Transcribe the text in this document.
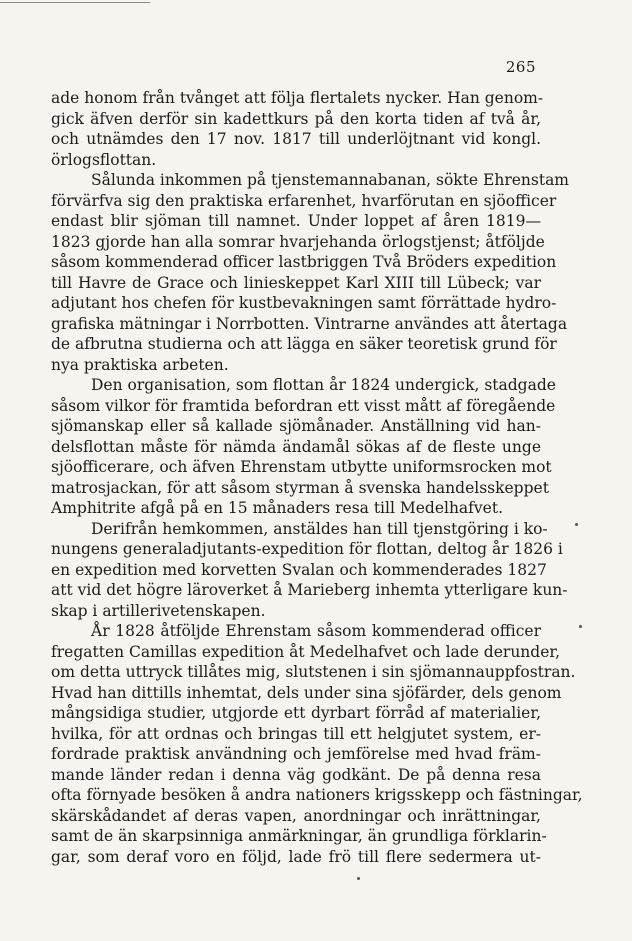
265
ade honom från tvånget att följa flertalets nycker. Han genom-
gick äfven derför sin kadettkurs på den korta tiden af två år,
och utnämdes den 17 nov. 1817 till underlöjtnant vid kongl.
örlogsflottan.
Sålunda inkommen på tjenstemannabanan, sökte Ehrenstam
förvärfva sig den praktiska erfarenhet, hvarförutan en sjöofficer
endast blir sjöman till namnet. Under loppet af åren 1819—
1823 gjorde han alla somrar hvarjehanda örlogstjenst; åtföljde
såsom kommenderad officer lastbriggen Två Bröders expedition
till Havre de Grace och linieskeppet Karl XIII till Lübeck; var
adjutant hos chefen för kustbevakningen samt förrättade hydro-
grafiska mätningar i Norrbotten. Vintrarne användes att återtaga
de afbrutna studierna och att lägga en säker teoretisk grund för
nya praktiska arbeten.
Den organisation, som flottan år 1824 undergick, stadgade
såsom vilkor för framtida befordran ett visst mått af föregående
sjömanskap eller så kallade sjömånader. Anställning vid han-
delsflottan måste för nämda ändamål sökas af de fleste unge
sjöofficerare, och äfven Ehrenstam utbytte uniformsrocken mot
matrosjackan, för att såsom styrman å svenska handelsskeppet
Amphitrite afgå på en 15 månaders resa till Medelhafvet.
Derifrån hemkommen, anstäldes han till tjenstgöring i ko-
nungens generaladjutants-expedition för flottan, deltog år 1826 i
en expedition med korvetten Svalan och kommenderades 1827
att vid det högre läroverket å Marieberg inhemta ytterligare kun-
skap i artillerivetenskapen.
År 1828 åtföljde Ehrenstam såsom kommenderad officer
fregatten Camillas expedition åt Medelhafvet och lade derunder,
om detta uttryck tillåtes mig, slutstenen i sin sjömannauppfostran.
Hvad han dittills inhemtat, dels under sina sjöfärder, dels genom
mångsidiga studier, utgjorde ett dyrbart förråd af materialier,
hvilka, för att ordnas och bringas till ett helgjutet system, er-
fordrade praktisk användning och jemförelse med hvad främ-
mande länder redan i denna väg godkänt. De på denna resa
ofta förnyade besöken å andra nationers krigsskepp och fästningar,
skärskådandet af deras vapen, anordningar och inrättningar,
samt de än skarpsinniga anmärkningar, än grundliga förklarin-
gar, som deraf voro en följd, lade frö till flere sedermera ut-
